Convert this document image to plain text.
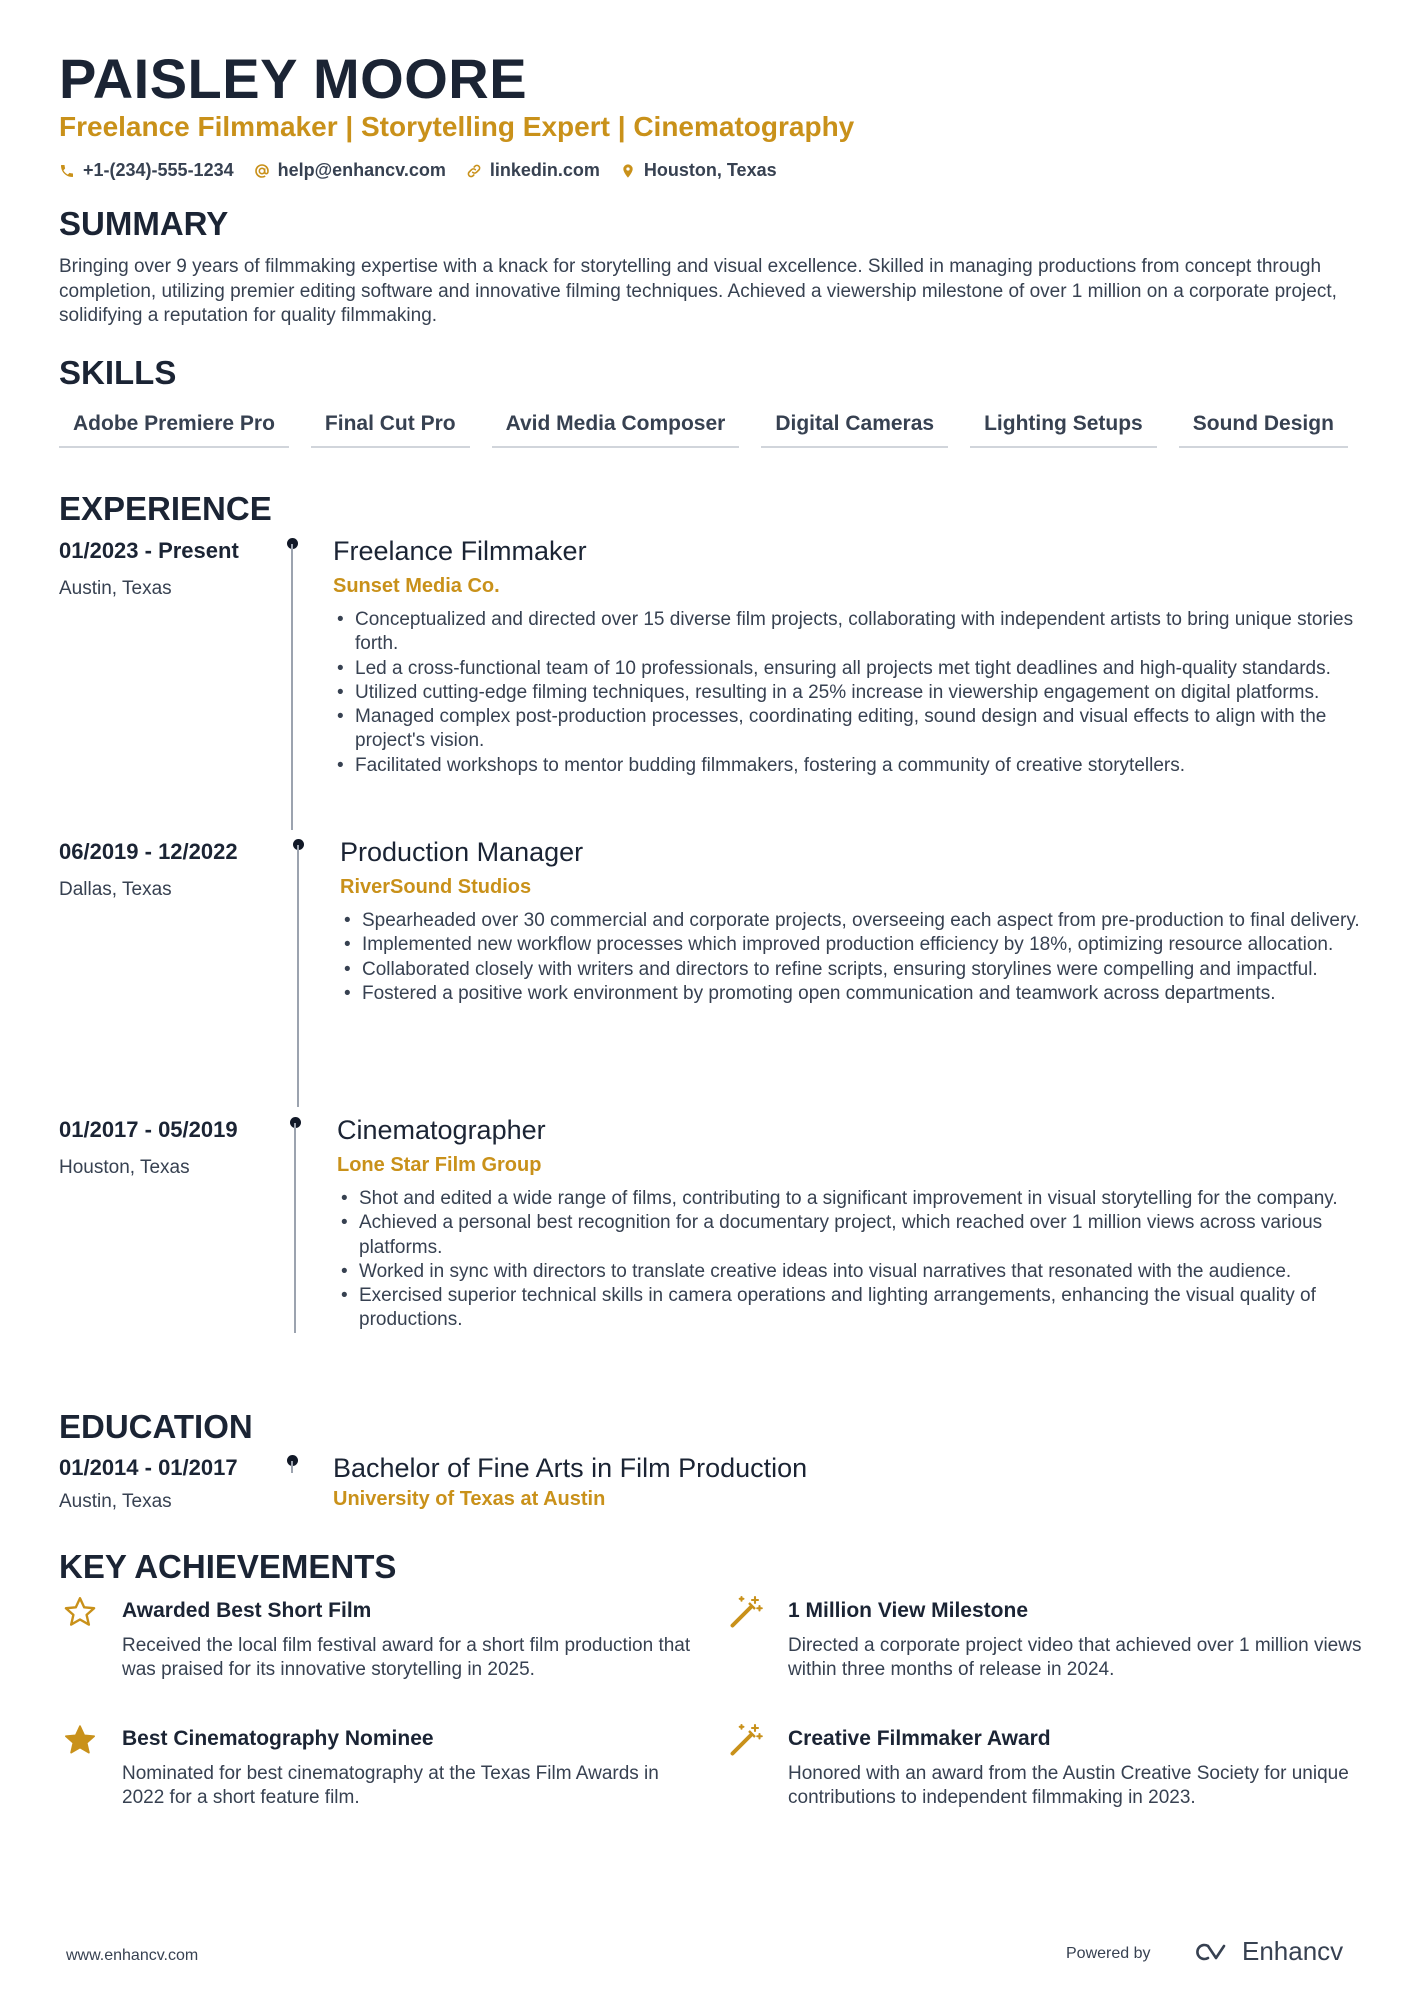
PAISLEY MOORE
Freelance Filmmaker | Storytelling Expert | Cinematography
+1-(234)-555-1234 help@enhancv.com linkedin.com Houston, Texas
SUMMARY
Bringing over 9 years of filmmaking expertise with a knack for storytelling and visual excellence. Skilled in managing productions from concept through completion, utilizing premier editing software and innovative filming techniques. Achieved a viewership milestone of over 1 million on a corporate project, solidifying a reputation for quality filmmaking.
SKILLS
Adobe Premiere Pro	Final Cut Pro	Avid Media Composer	Digital Cameras	Lighting Setups	Sound Design
EXPERIENCE
01/2023 - Present
Austin, Texas
Freelance Filmmaker
Sunset Media Co.
• Conceptualized and directed over 15 diverse film projects, collaborating with independent artists to bring unique stories forth.
• Led a cross-functional team of 10 professionals, ensuring all projects met tight deadlines and high-quality standards.
• Utilized cutting-edge filming techniques, resulting in a 25% increase in viewership engagement on digital platforms.
• Managed complex post-production processes, coordinating editing, sound design and visual effects to align with the project's vision.
• Facilitated workshops to mentor budding filmmakers, fostering a community of creative storytellers.
06/2019 - 12/2022
Dallas, Texas
Production Manager
RiverSound Studios
• Spearheaded over 30 commercial and corporate projects, overseeing each aspect from pre-production to final delivery.
• Implemented new workflow processes which improved production efficiency by 18%, optimizing resource allocation.
• Collaborated closely with writers and directors to refine scripts, ensuring storylines were compelling and impactful.
• Fostered a positive work environment by promoting open communication and teamwork across departments.
01/2017 - 05/2019
Houston, Texas
Cinematographer
Lone Star Film Group
• Shot and edited a wide range of films, contributing to a significant improvement in visual storytelling for the company.
• Achieved a personal best recognition for a documentary project, which reached over 1 million views across various platforms.
• Worked in sync with directors to translate creative ideas into visual narratives that resonated with the audience.
• Exercised superior technical skills in camera operations and lighting arrangements, enhancing the visual quality of productions.
EDUCATION
01/2014 - 01/2017
Austin, Texas
Bachelor of Fine Arts in Film Production
University of Texas at Austin
KEY ACHIEVEMENTS
Awarded Best Short Film
Received the local film festival award for a short film production that was praised for its innovative storytelling in 2025.
1 Million View Milestone
Directed a corporate project video that achieved over 1 million views within three months of release in 2024.
Best Cinematography Nominee
Nominated for best cinematography at the Texas Film Awards in 2022 for a short feature film.
Creative Filmmaker Award
Honored with an award from the Austin Creative Society for unique contributions to independent filmmaking in 2023.
www.enhancv.com	Powered by	Enhancv
